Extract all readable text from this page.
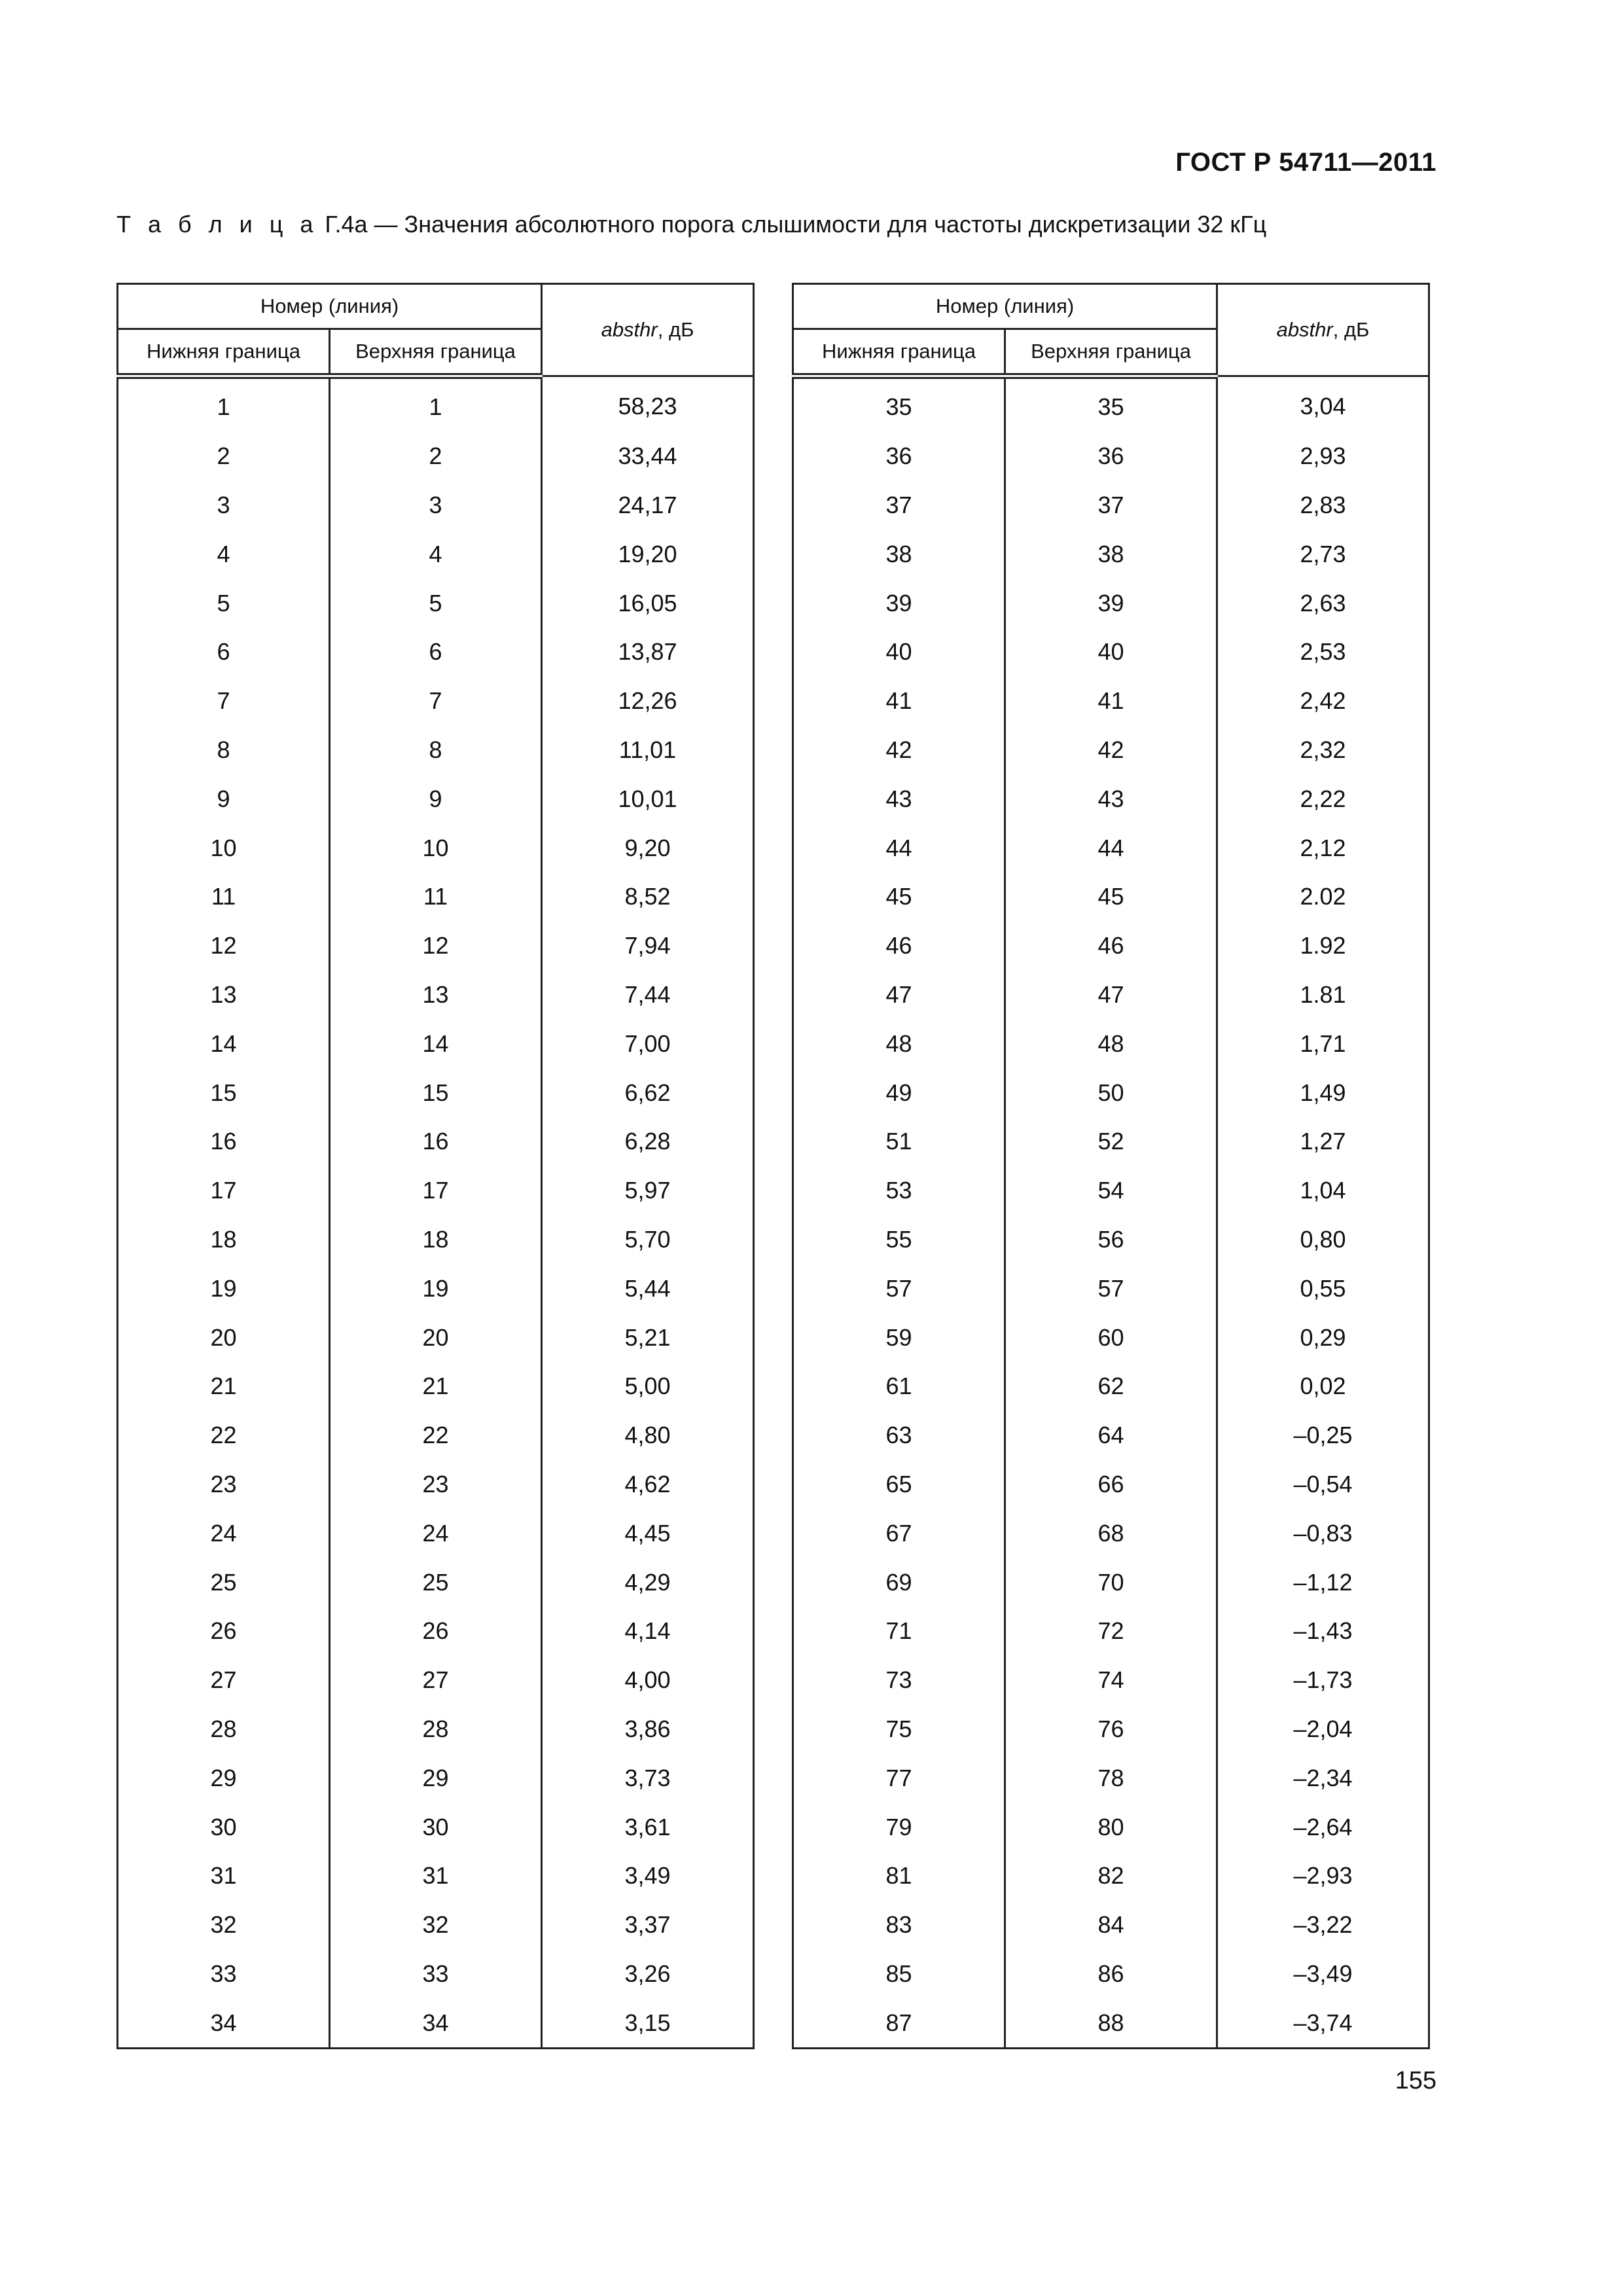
ГОСТ Р 54711—2011
Т а б л и ц а Г.4а — Значения абсолютного порога слышимости для частоты дискретизации 32 кГц
Номер (линия)		absthr, дБ
Нижняя граница	Верхняя граница	
1	1	58,23
2	2	33,44
3	3	24,17
4	4	19,20
5	5	16,05
6	6	13,87
7	7	12,26
8	8	11,01
9	9	10,01
10	10	9,20
11	11	8,52
12	12	7,94
13	13	7,44
14	14	7,00
15	15	6,62
16	16	6,28
17	17	5,97
18	18	5,70
19	19	5,44
20	20	5,21
21	21	5,00
22	22	4,80
23	23	4,62
24	24	4,45
25	25	4,29
26	26	4,14
27	27	4,00
28	28	3,86
29	29	3,73
30	30	3,61
31	31	3,49
32	32	3,37
33	33	3,26
34	34	3,15
Номер (линия)		absthr, дБ
Нижняя граница	Верхняя граница	
35	35	3,04
36	36	2,93
37	37	2,83
38	38	2,73
39	39	2,63
40	40	2,53
41	41	2,42
42	42	2,32
43	43	2,22
44	44	2,12
45	45	2.02
46	46	1.92
47	47	1.81
48	48	1,71
49	50	1,49
51	52	1,27
53	54	1,04
55	56	0,80
57	57	0,55
59	60	0,29
61	62	0,02
63	64	–0,25
65	66	–0,54
67	68	–0,83
69	70	–1,12
71	72	–1,43
73	74	–1,73
75	76	–2,04
77	78	–2,34
79	80	–2,64
81	82	–2,93
83	84	–3,22
85	86	–3,49
87	88	–3,74
155
